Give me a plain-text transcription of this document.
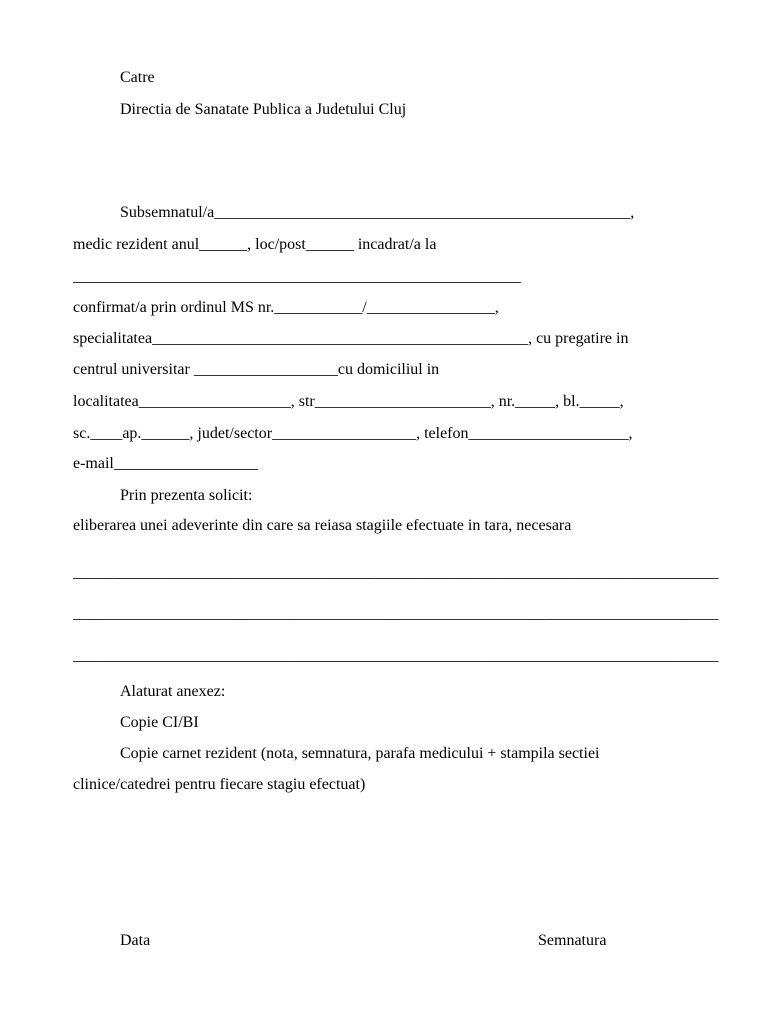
Catre
Directia de Sanatate Publica a Judetului Cluj
Subsemnatul/a____________________________________________________,
medic rezident anul______, loc/post______ incadrat/a la
________________________________________________________
confirmat/a prin ordinul MS nr.___________/________________,
specialitatea_______________________________________________, cu pregatire in
centrul universitar __________________cu domiciliul in
localitatea___________________, str______________________, nr._____, bl._____,
sc.____ap.______, judet/sector__________________, telefon____________________,
e-mail__________________
Prin prezenta solicit:
eliberarea unei adeverinte din care sa reiasa stagiile efectuate in tara, necesara
_____________________________________________________________________________________
_____________________________________________________________________________________
____________________________________________________________________________________
Alaturat anexez:
Copie CI/BI
Copie carnet rezident (nota, semnatura, parafa medicului + stampila sectiei
clinice/catedrei pentru fiecare stagiu efectuat)
Data	Semnatura
